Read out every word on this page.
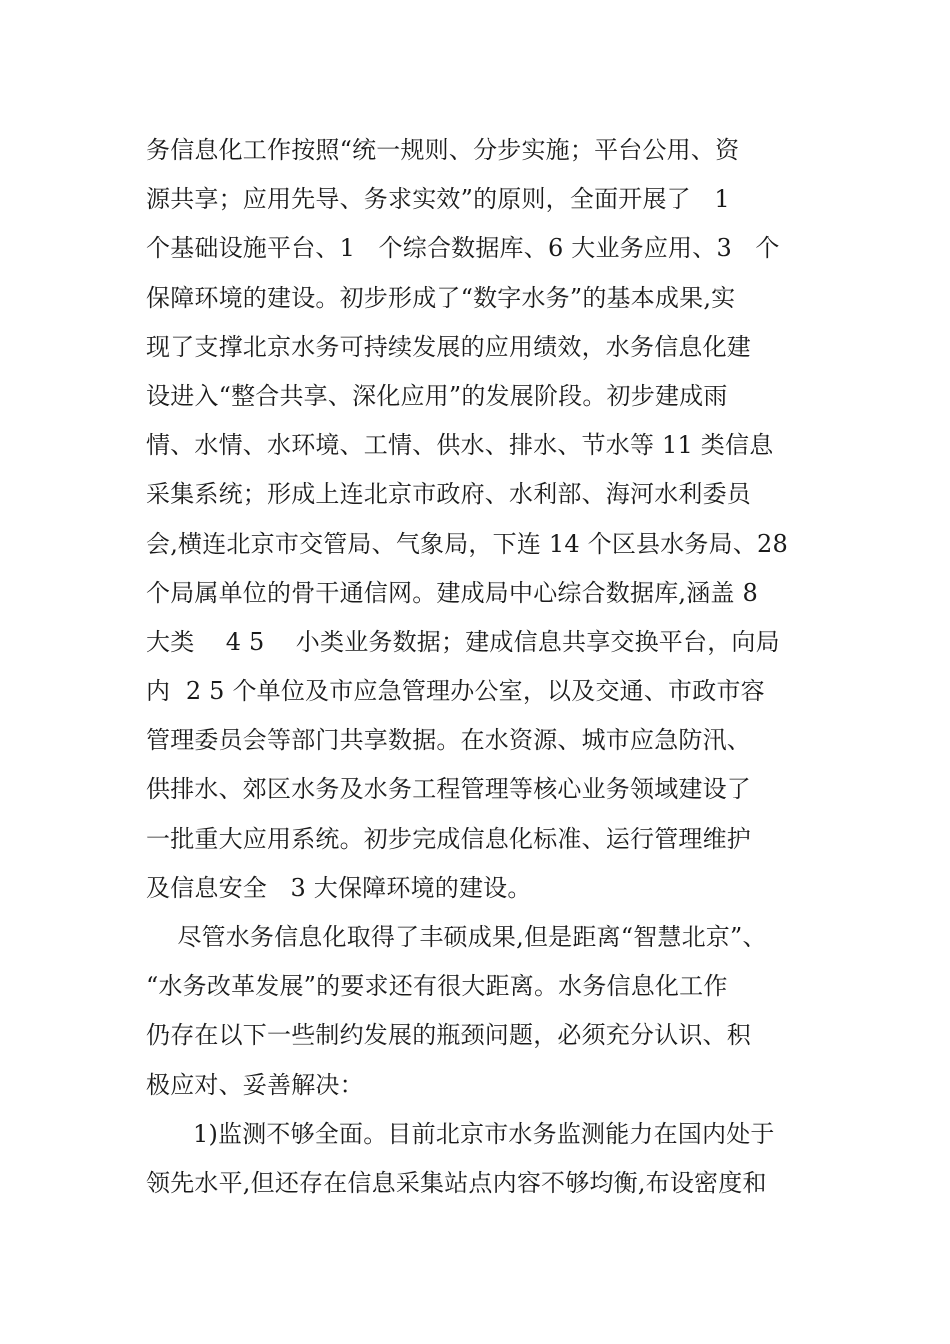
务信息化工作按照“统一规则、分步实施；平台公用、资
源共享；应用先导、务求实效”的原则，全面开展了   1
个基础设施平台、1   个综合数据库、6 大业务应用、3   个
保障环境的建设。初步形成了“数字水务”的基本成果,实
现了支撑北京水务可持续发展的应用绩效，水务信息化建
设进入“整合共享、深化应用”的发展阶段。初步建成雨
情、水情、水环境、工情、供水、排水、节水等 11 类信息
采集系统；形成上连北京市政府、水利部、海河水利委员
会,横连北京市交管局、气象局，下连 14 个区县水务局、28
个局属单位的骨干通信网。建成局中心综合数据库,涵盖 8
大类    4 5    小类业务数据；建成信息共享交换平台，向局
内  2 5 个单位及市应急管理办公室，以及交通、市政市容
管理委员会等部门共享数据。在水资源、城市应急防汛、
供排水、郊区水务及水务工程管理等核心业务领域建设了
一批重大应用系统。初步完成信息化标准、运行管理维护
及信息安全   3 大保障环境的建设。
尽管水务信息化取得了丰硕成果,但是距离“智慧北京”、
“水务改革发展”的要求还有很大距离。水务信息化工作
仍存在以下一些制约发展的瓶颈问题，必须充分认识、积
极应对、妥善解决：
1)监测不够全面。目前北京市水务监测能力在国内处于
领先水平,但还存在信息采集站点内容不够均衡,布设密度和
